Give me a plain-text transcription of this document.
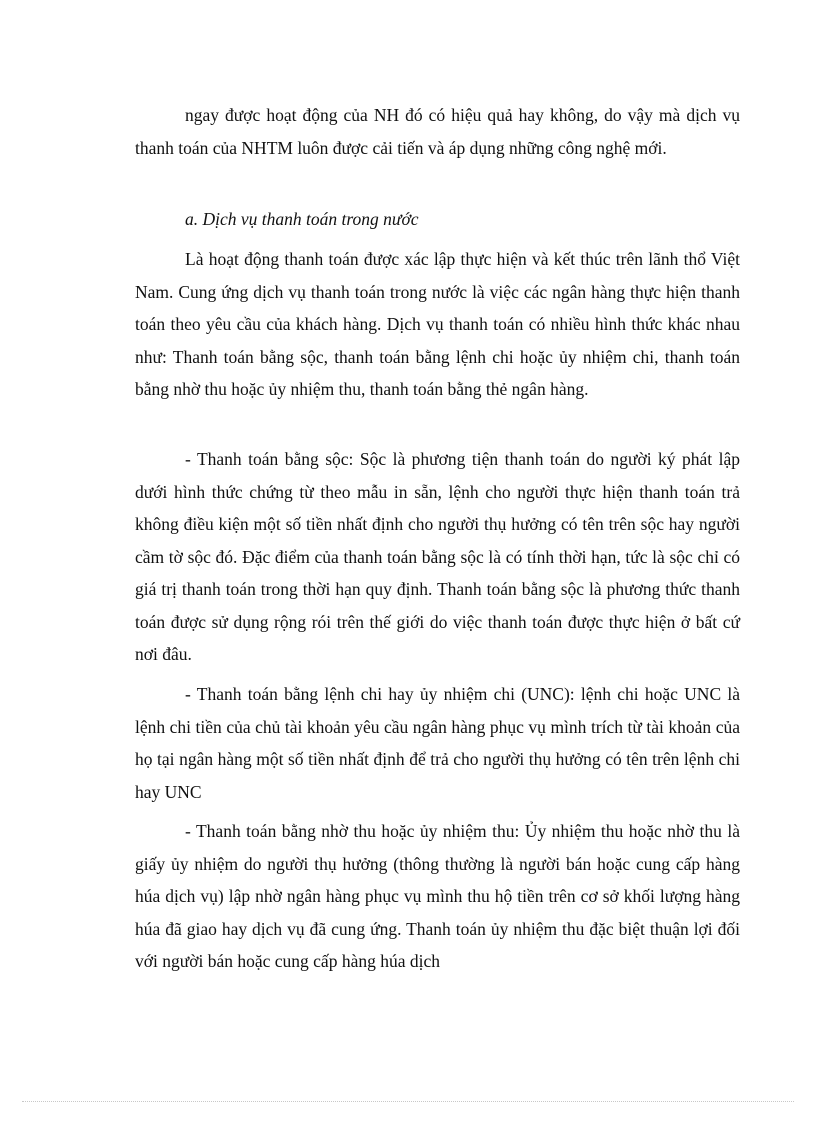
ngay được hoạt động của NH đó có hiệu quả hay không, do vậy mà dịch vụ thanh toán của NHTM luôn được cải tiến và áp dụng những công nghệ mới.

a. Dịch vụ thanh toán trong nước

Là hoạt động thanh toán được xác lập thực hiện và kết thúc trên lãnh thổ Việt Nam. Cung ứng dịch vụ thanh toán trong nước là việc các ngân hàng thực hiện thanh toán theo yêu cầu của khách hàng. Dịch vụ thanh toán có nhiều hình thức khác nhau như: Thanh toán bằng sộc, thanh toán bằng lệnh chi hoặc ủy nhiệm chi, thanh toán bằng nhờ thu hoặc ủy nhiệm thu, thanh toán bằng thẻ ngân hàng.

- Thanh toán bằng sộc: Sộc là phương tiện thanh toán do người ký phát lập dưới hình thức chứng từ theo mẫu in sẵn, lệnh cho người thực hiện thanh toán trả không điều kiện một số tiền nhất định cho người thụ hưởng có tên trên sộc hay người cầm tờ sộc đó. Đặc điểm của thanh toán bằng sộc là có tính thời hạn, tức là sộc chỉ có giá trị thanh toán trong thời hạn quy định. Thanh toán bằng sộc là phương thức thanh toán được sử dụng rộng rói trên thế giới do việc thanh toán được thực hiện ở bất cứ nơi đâu.

- Thanh toán bằng lệnh chi hay ủy nhiệm chi (UNC): lệnh chi hoặc UNC là lệnh chi tiền của chủ tài khoản yêu cầu ngân hàng phục vụ mình trích từ tài khoản của họ tại ngân hàng một số tiền nhất định để trả cho người thụ hưởng có tên trên lệnh chi hay UNC

- Thanh toán bằng nhờ thu hoặc ủy nhiệm thu: Ủy nhiệm thu hoặc nhờ thu là giấy ủy nhiệm do người thụ hưởng (thông thường là người bán hoặc cung cấp hàng húa dịch vụ) lập nhờ ngân hàng phục vụ mình thu hộ tiền trên cơ sở khối lượng hàng húa đã giao hay dịch vụ đã cung ứng. Thanh toán ủy nhiệm thu đặc biệt thuận lợi đối với người bán hoặc cung cấp hàng húa dịch
